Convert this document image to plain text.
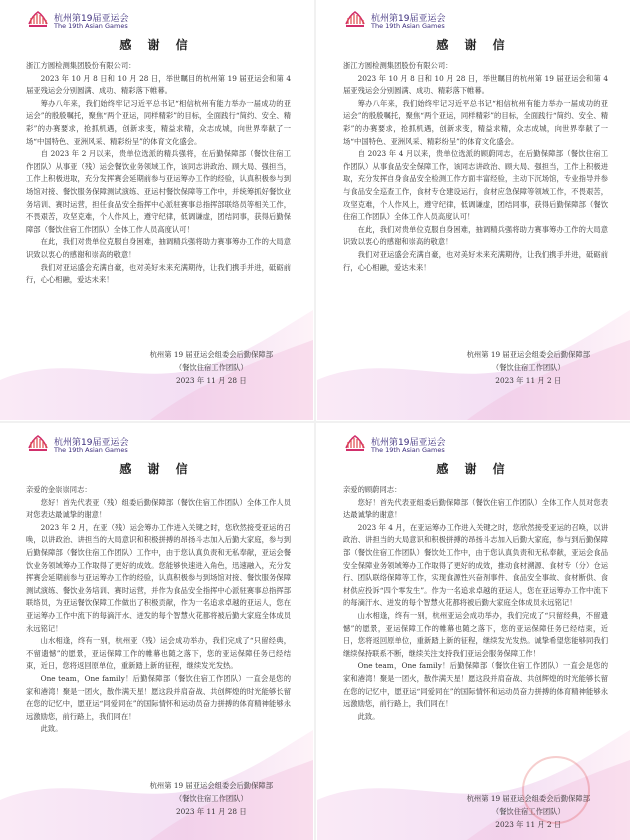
杭州第19届亚运会
The 19th Asian Games
感 谢 信

浙江方圆检测集团股份有限公司：

2023 年 10 月 8 日和 10 月 28 日，举世瞩目的杭州第 19 届亚运会和第 4 届亚残运会分别圆满、成功、精彩落下帷幕。

筹办八年来，我们始终牢记习近平总书记“相信杭州有能力举办一届成功的亚运会”的殷殷嘱托，聚焦“两个亚运，同样精彩”的目标，全面践行“简约、安全、精彩”的办赛要求，抢抓机遇，创新求变，精益求精，众志成城，向世界奉献了一场“中国特色、亚洲风采、精彩纷呈”的体育文化盛会。

自 2023 年 2 月以来，贵单位选派的精兵强将，在后勤保障部（餐饮住宿工作团队）从事亚（残）运会餐饮业务领域工作，该同志讲政治、顾大局、强担当，工作上积极进取，充分发挥赛会延期前参与亚运筹办工作的经验，认真积极参与到场馆对接、餐饮服务保障测试演练、亚运村餐饮保障等工作中，并统筹抓好餐饮业务培训、赛时运营，担任食品安全指挥中心派驻赛事总指挥部联络员等相关工作，不畏艰苦，攻坚克难，个人作风上，遵守纪律，低调谦虚，团结同事，获得后勤保障部（餐饮住宿工作团队）全体工作人员高度认可！

在此，我们对贵单位克服自身困难，抽调精兵强将助力赛事筹办工作的大局意识致以衷心的感谢和崇高的敬意！

我们对亚运盛会充满自豪，也对美好未来充满期待，让我们携手并进，砥砺前行，心心相融，爱达未来！

杭州第 19 届亚运会组委会后勤保障部
（餐饮住宿工作团队）
2023 年 11 月 28 日
杭州第19届亚运会
The 19th Asian Games
感 谢 信

浙江方圆检测集团股份有限公司：

2023 年 10 月 8 日和 10 月 28 日，举世瞩目的杭州第 19 届亚运会和第 4 届亚残运会分别圆满、成功、精彩落下帷幕。

筹办八年来，我们始终牢记习近平总书记“相信杭州有能力举办一届成功的亚运会”的殷殷嘱托，聚焦“两个亚运，同样精彩”的目标，全面践行“简约、安全、精彩”的办赛要求，抢抓机遇，创新求变，精益求精，众志成城，向世界奉献了一场“中国特色、亚洲风采、精彩纷呈”的体育文化盛会。

自 2023 年 4 月以来，贵单位选派的顾蔚同志，在后勤保障部（餐饮住宿工作团队）从事食品安全保障工作，该同志讲政治、顾大局、强担当，工作上积极进取，充分发挥自身食品安全检测工作方面丰富经验，主动下沉场馆，专业指导并参与食品安全巡查工作，食材专仓建设运行，食材应急保障等领域工作，不畏艰苦，攻坚克难，个人作风上，遵守纪律，低调谦虚，团结同事，获得后勤保障部（餐饮住宿工作团队）全体工作人员高度认可！

在此，我们对贵单位克服自身困难，抽调精兵强将助力赛事筹办工作的大局意识致以衷心的感谢和崇高的敬意！

我们对亚运盛会充满自豪，也对美好未来充满期待，让我们携手并进，砥砺前行，心心相融，爱达未来！

杭州第 19 届亚运会组委会后勤保障部
（餐饮住宿工作团队）
2023 年 11 月 2 日
杭州第19届亚运会
The 19th Asian Games
感 谢 信

亲爱的金崇崇同志：

您好！首先代表亚（残）组委后勤保障部（餐饮住宿工作团队）全体工作人员对您表达最诚挚的谢意！

2023 年 2 月，在亚（残）运会筹办工作进入关键之时，您欣然接受亚运的召唤，以讲政治、讲担当的大局意识和积极拼搏的昂扬斗志加入后勤大家庭，参与到后勤保障部（餐饮住宿工作团队）工作中，由于您认真负责和无私奉献，亚运会餐饮业务领域筹办工作取得了更好的成效。您能够快速进入角色，迅速融入，充分发挥赛会延期前参与亚运筹办工作的经验，认真积极参与到场馆对接、餐饮服务保障测试演练、餐饮业务培训、赛时运营，并作为食品安全指挥中心派驻赛事总指挥部联络员，为亚运餐饮保障工作做出了积极贡献，作为一名追求卓越的亚运人，您在亚运筹办工作中流下的每滴汗水、迸发的每个智慧火花都将被后勤大家庭全体成员永远铭记！

山水相逢，终有一别，杭州亚（残）运会成功举办，我们完成了“只留经典，不留遗憾”的愿景，亚运保障工作的帷幕也随之落下，您的亚运保障任务已经结束，近日，您将返回原单位，重新踏上新的征程，继续发光发热。

One team，One family！后勤保障部（餐饮住宿工作团队）一直会是您的家和港湾！聚是一团火，散作满天星！愿这段并肩奋战、共创辉煌的时光能够长留在您的记忆中，愿亚运“同爱同在”的国际情怀和运动员奋力拼搏的体育精神能够永远激励您，前行路上，我们同在！

此致。

杭州第 19 届亚运会组委会后勤保障部
（餐饮住宿工作团队）
2023 年 11 月 28 日
杭州第19届亚运会
The 19th Asian Games
感 谢 信

亲爱的顾蔚同志：

您好！首先代表亚组委后勤保障部（餐饮住宿工作团队）全体工作人员对您表达最诚挚的谢意！

2023 年 4 月，在亚运筹办工作进入关键之时，您欣然接受亚运的召唤，以讲政治、讲担当的大局意识和积极拼搏的昂扬斗志加入后勤大家庭，参与到后勤保障部（餐饮住宿工作团队）餐饮处工作中，由于您认真负责和无私奉献，亚运会食品安全保障业务领域筹办工作取得了更好的成效，推动食材溯源、食材专（分）仓运行、团队联络保障等工作，实现食源性兴奋剂事件、食品安全事故、食材断供、食材供应投诉“四个零发生”。作为一名追求卓越的亚运人，您在亚运筹办工作中流下的每滴汗水、迸发的每个智慧火花都将被后勤大家庭全体成员永远铭记！

山水相逢，终有一别，杭州亚运会成功举办，我们完成了“只留经典，不留遗憾”的愿景，亚运保障工作的帷幕也随之落下，您的亚运保障任务已经结束，近日，您将返回原单位，重新踏上新的征程，继续发光发热。诚挚希望您能够同我们继续保持联系不断，继续关注支持我们亚运会服务保障工作！

One team，One family！后勤保障部（餐饮住宿工作团队）一直会是您的家和港湾！聚是一团火，散作满天星！愿这段并肩奋战、共创辉煌的时光能够长留在您的记忆中，愿亚运“同爱同在”的国际情怀和运动员奋力拼搏的体育精神能够永远激励您，前行路上，我们同在！

此致。

杭州第 19 届亚运会组委会后勤保障部
（餐饮住宿工作团队）
2023 年 11 月 2 日
